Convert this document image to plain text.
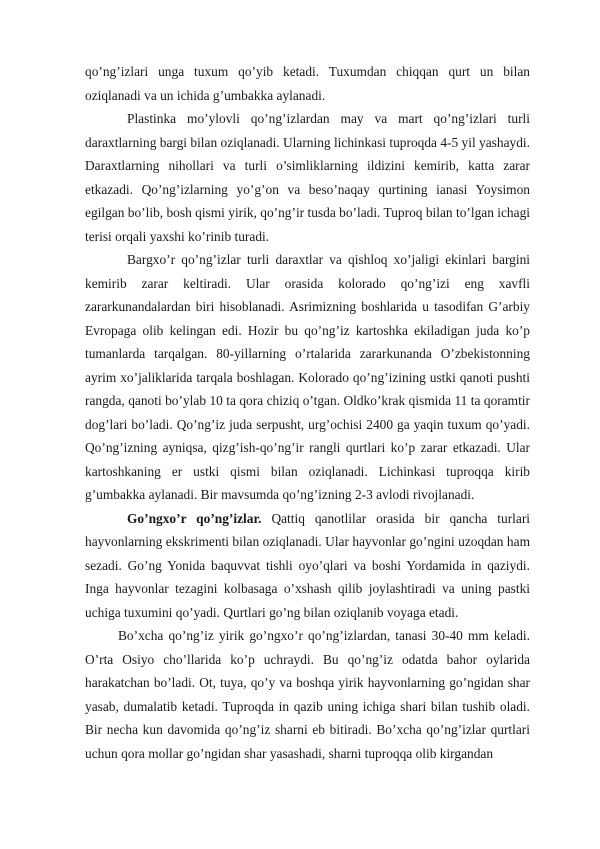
qo’ng’izlari unga tuxum qo’yib ketadi. Tuxumdan chiqqan qurt un bilan oziqlanadi va un ichida g’umbakka aylanadi.

Plastinka mo’ylovli qo’ng’izlardan may va mart qo’ng’izlari turli daraxtlarning bargi bilan oziqlanadi. Ularning lichinkasi tuproqda 4-5 yil yashaydi. Daraxtlarning nihollari va turli o’simliklarning ildizini kemirib, katta zarar etkazadi. Qo’ng’izlarning yo’g’on va beso’naqay qurtining ianasi Yoysimon egilgan bo’lib, bosh qismi yirik, qo’ng’ir tusda bo’ladi. Tuproq bilan to’lgan ichagi terisi orqali yaxshi ko’rinib turadi.

Bargxo’r qo’ng’izlar turli daraxtlar va qishloq xo’jaligi ekinlari bargini kemirib zarar keltiradi. Ular orasida kolorado qo’ng’izi eng xavfli zararkunandalardan biri hisoblanadi. Asrimizning boshlarida u tasodifan G’arbiy Evropaga olib kelingan edi. Hozir bu qo’ng’iz kartoshka ekiladigan juda ko’p tumanlarda tarqalgan. 80-yillarning o’rtalarida zararkunanda O’zbekistonning ayrim xo’jaliklarida tarqala boshlagan. Kolorado qo’ng’izining ustki qanoti pushti rangda, qanoti bo’ylab 10 ta qora chiziq o’tgan. Oldko’krak qismida 11 ta qoramtir dog’lari bo’ladi. Qo’ng’iz juda serpusht, urg’ochisi 2400 ga yaqin tuxum qo’yadi. Qo’ng’izning ayniqsa, qizg’ish-qo’ng’ir rangli qurtlari ko’p zarar etkazadi. Ular kartoshkaning er ustki qismi bilan oziqlanadi. Lichinkasi tuproqqa kirib g’umbakka aylanadi. Bir mavsumda qo’ng’izning 2-3 avlodi rivojlanadi.

Go’ngxo’r qo’ng’izlar. Qattiq qanotlilar orasida bir qancha turlari hayvonlarning ekskrimenti bilan oziqlanadi. Ular hayvonlar go’ngini uzoqdan ham sezadi. Go’ng Yonida baquvvat tishli oyo’qlari va boshi Yordamida in qaziydi. Inga hayvonlar tezagini kolbasaga o’xshash qilib joylashtiradi va uning pastki uchiga tuxumini qo’yadi. Qurtlari go’ng bilan oziqlanib voyaga etadi.

Bo’xcha qo’ng’iz yirik go’ngxo’r qo’ng’izlardan, tanasi 30-40 mm keladi. O’rta Osiyo cho’llarida ko’p uchraydi. Bu qo’ng’iz odatda bahor oylarida harakatchan bo’ladi. Ot, tuya, qo’y va boshqa yirik hayvonlarning go’ngidan shar yasab, dumalatib ketadi. Tuproqda in qazib uning ichiga shari bilan tushib oladi. Bir necha kun davomida qo’ng’iz sharni eb bitiradi. Bo’xcha qo’ng’izlar qurtlari uchun qora mollar go’ngidan shar yasashadi, sharni tuproqqa olib kirgandan
